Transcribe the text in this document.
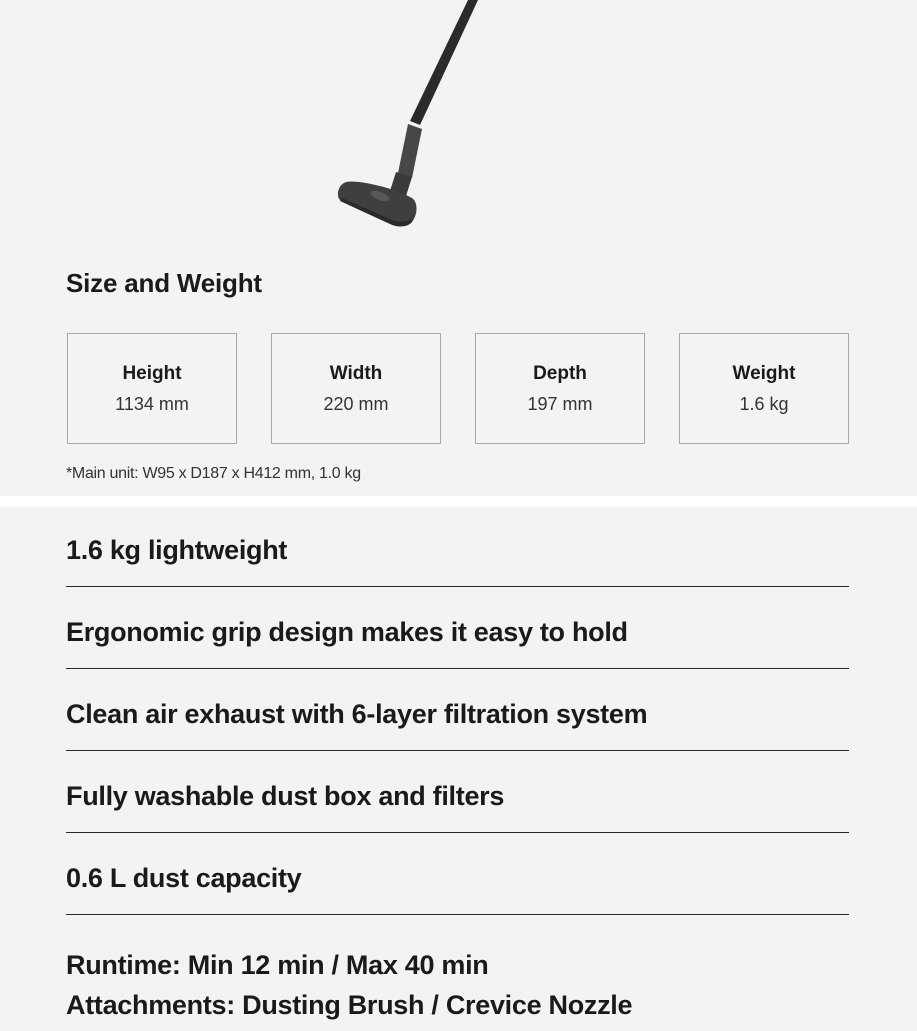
Size and Weight
Height
1134 mm
Width
220 mm
Depth
197 mm
Weight
1.6 kg
*Main unit: W95 x D187 x H412 mm, 1.0 kg
1.6 kg lightweight
Ergonomic grip design makes it easy to hold
Clean air exhaust with 6-layer filtration system
Fully washable dust box and filters
0.6 L dust capacity
Runtime: Min 12 min / Max 40 min
Attachments: Dusting Brush / Crevice Nozzle
